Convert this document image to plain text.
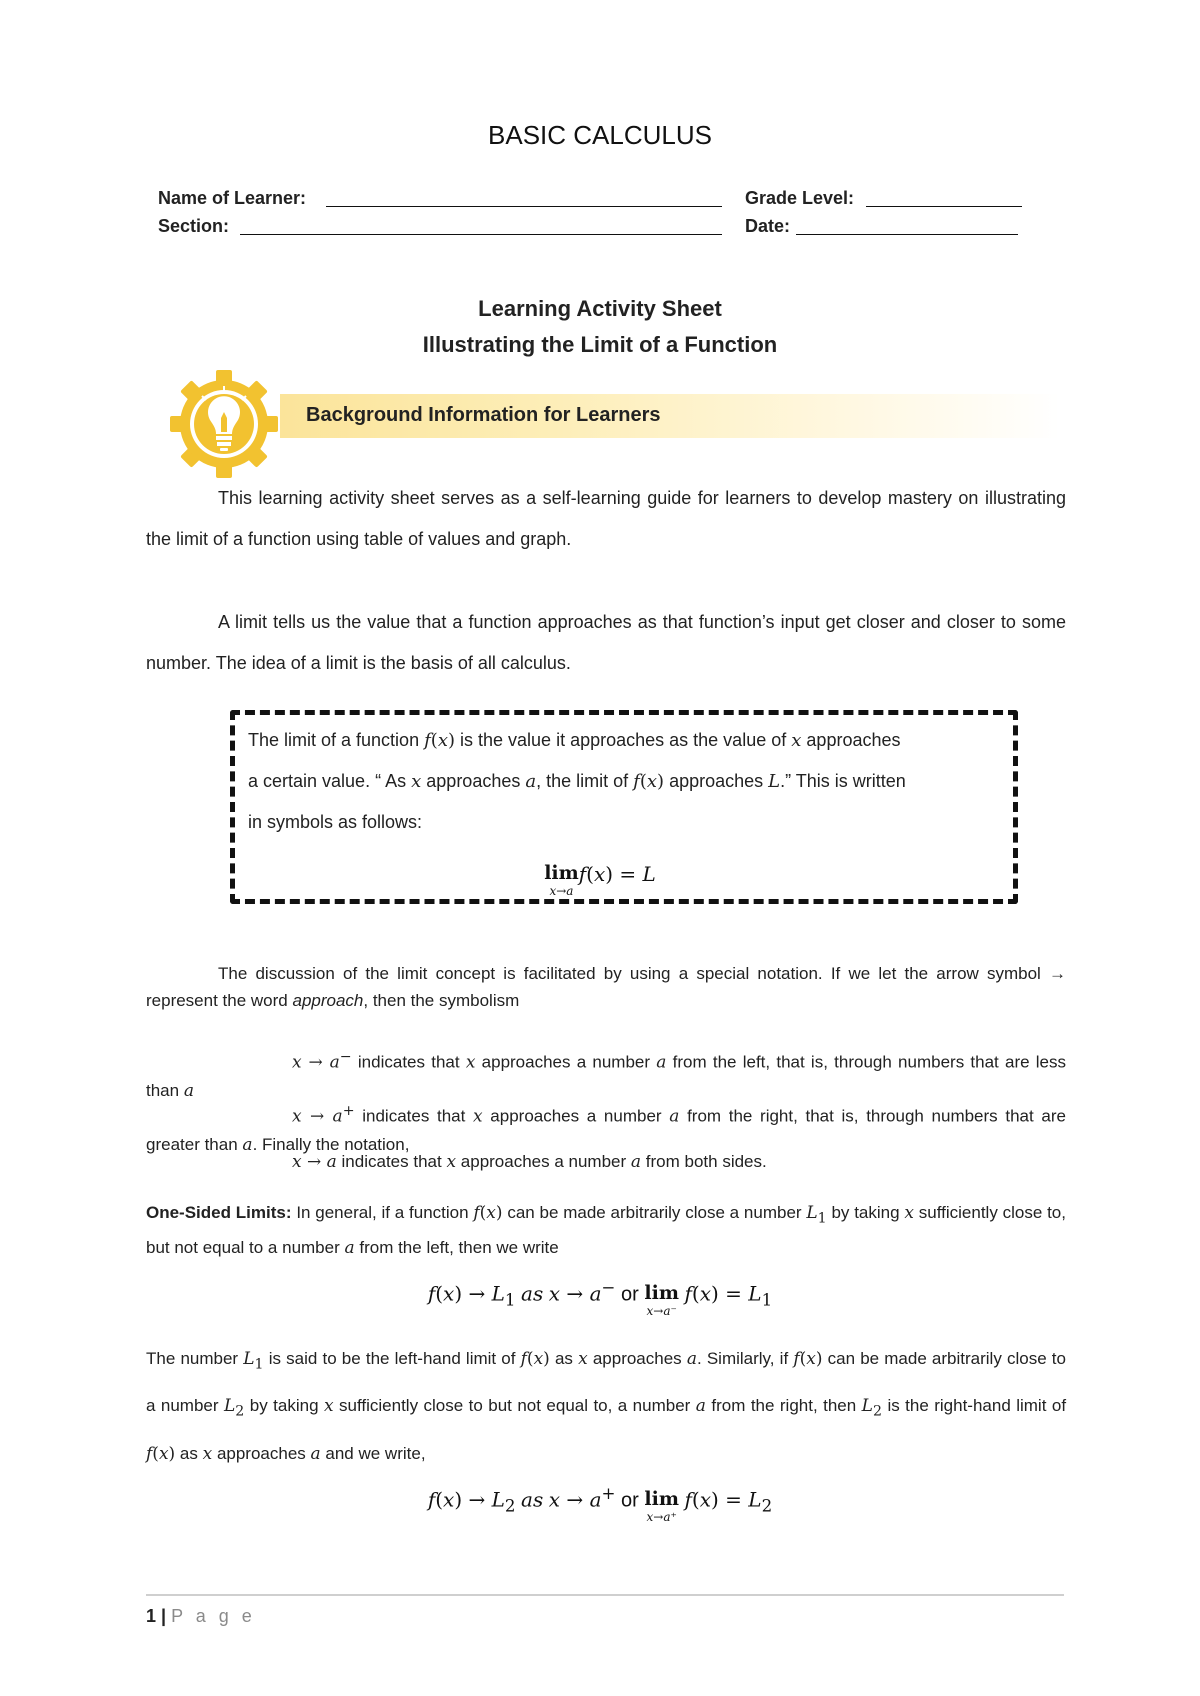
BASIC CALCULUS
Name of Learner:	Grade Level:
Section:	Date:
Learning Activity Sheet
Illustrating the Limit of a Function
Background Information for Learners
This learning activity sheet serves as a self-learning guide for learners to develop mastery on illustrating the limit of a function using table of values and graph.
A limit tells us the value that a function approaches as that function’s input get closer and closer to some number. The idea of a limit is the basis of all calculus.
The limit of a function f(x) is the value it approaches as the value of x approaches
a certain value. “ As x approaches a, the limit of f(x) approaches L.” This is written
in symbols as follows:
lim
x→a
f(x) = L
The discussion of the limit concept is facilitated by using a special notation. If we let the arrow symbol → represent the word approach, then the symbolism
x → a− indicates that x approaches a number a from the left, that is, through numbers that are less than a
x → a+ indicates that x approaches a number a from the right, that is, through numbers that are greater than a. Finally the notation,
x → a indicates that x approaches a number a from both sides.
One-Sided Limits: In general, if a function f(x) can be made arbitrarily close a number $L_1$ by taking x sufficiently close to, but not equal to a number a from the left, then we write
$f(x) \to L_1$ as x → a− or lim
x→a⁻
$f(x) = L_1$
The number $L_1$ is said to be the left-hand limit of f(x) as x approaches a. Similarly, if f(x) can be made arbitrarily close to a number $L_2$ by taking x sufficiently close to but not equal to, a number a from the right, then $L_2$ is the right-hand limit of f(x) as x approaches a and we write,
$f(x) \to L_2$ as x → a+ or lim
x→a⁺
$f(x) = L_2$
1 | P a g e
